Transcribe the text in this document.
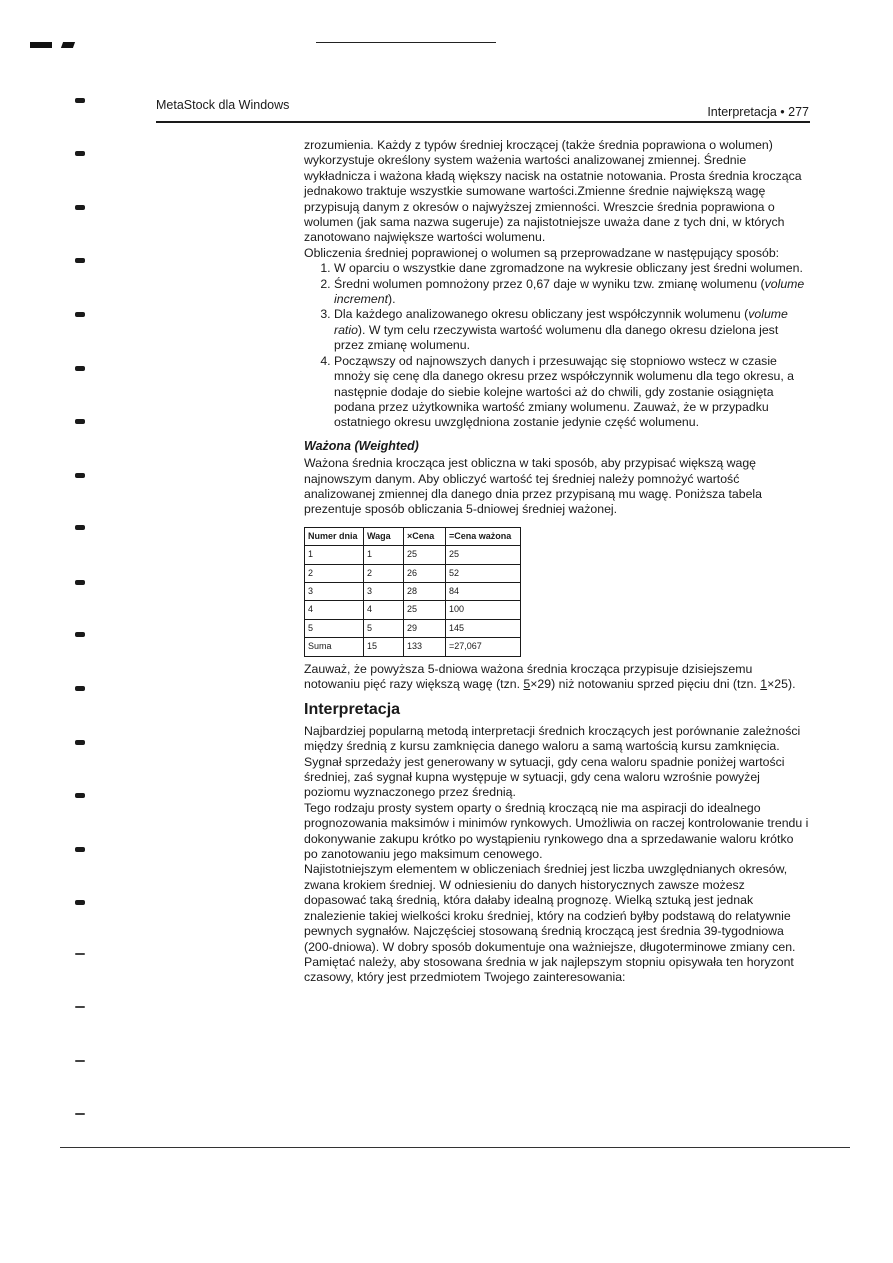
MetaStock dla Windows	Interpretacja • 277

zrozumienia. Każdy z typów średniej kroczącej (także średnia poprawiona o wolumen) wykorzystuje określony system ważenia wartości analizowanej zmiennej. Średnie wykładnicza i ważona kładą większy nacisk na ostatnie notowania. Prosta średnia krocząca jednakowo traktuje wszystkie sumowane wartości.Zmienne średnie największą wagę przypisują danym z okresów o najwyższej zmienności. Wreszcie średnia poprawiona o wolumen (jak sama nazwa sugeruje) za najistotniejsze uważa dane z tych dni, w których zanotowano największe wartości wolumenu.

Obliczenia średniej poprawionej o wolumen są przeprowadzane w następujący sposób:

1. W oparciu o wszystkie dane zgromadzone na wykresie obliczany jest średni wolumen.
2. Średni wolumen pomnożony przez 0,67 daje w wyniku tzw. zmianę wolumenu (volume increment).
3. Dla każdego analizowanego okresu obliczany jest współczynnik wolumenu (volume ratio). W tym celu rzeczywista wartość wolumenu dla danego okresu dzielona jest przez zmianę wolumenu.
4. Począwszy od najnowszych danych i przesuwając się stopniowo wstecz w czasie mnoży się cenę dla danego okresu przez współczynnik wolumenu dla tego okresu, a następnie dodaje do siebie kolejne wartości aż do chwili, gdy zostanie osiągnięta podana przez użytkownika wartość zmiany wolumenu. Zauważ, że w przypadku ostatniego okresu uwzględniona zostanie jedynie część wolumenu.

Ważona (Weighted)

Ważona średnia krocząca jest obliczna w taki sposób, aby przypisać większą wagę najnowszym danym. Aby obliczyć wartość tej średniej należy pomnożyć wartość analizowanej zmiennej dla danego dnia przez przypisaną mu wagę. Poniższa tabela prezentuje sposób obliczania 5-dniowej średniej ważonej.

Numer dnia	Waga	×Cena	=Cena ważona
1	1	25	25
2	2	26	52
3	3	28	84
4	4	25	100
5	5	29	145
Suma	15	133	=27,067

Zauważ, że powyższa 5-dniowa ważona średnia krocząca przypisuje dzisiejszemu notowaniu pięć razy większą wagę (tzn. 5×29) niż notowaniu sprzed pięciu dni (tzn. 1×25).

Interpretacja

Najbardziej popularną metodą interpretacji średnich kroczących jest porównanie zależności między średnią z kursu zamknięcia danego waloru a samą wartością kursu zamknięcia. Sygnał sprzedaży jest generowany w sytuacji, gdy cena waloru spadnie poniżej wartości średniej, zaś sygnał kupna występuje w sytuacji, gdy cena waloru wzrośnie powyżej poziomu wyznaczonego przez średnią.

Tego rodzaju prosty system oparty o średnią kroczącą nie ma aspiracji do idealnego prognozowania maksimów i minimów rynkowych. Umożliwia on raczej kontrolowanie trendu i dokonywanie zakupu krótko po wystąpieniu rynkowego dna a sprzedawanie waloru krótko po zanotowaniu jego maksimum cenowego.

Najistotniejszym elementem w obliczeniach średniej jest liczba uwzględnianych okresów, zwana krokiem średniej. W odniesieniu do danych historycznych zawsze możesz dopasować taką średnią, która dałaby idealną prognozę. Wielką sztuką jest jednak znalezienie takiej wielkości kroku średniej, który na codzień byłby podstawą do relatywnie pewnych sygnałów. Najczęściej stosowaną średnią kroczącą jest średnia 39-tygodniowa (200-dniowa). W dobry sposób dokumentuje ona ważniejsze, długoterminowe zmiany cen. Pamiętać należy, aby stosowana średnia w jak najlepszym stopniu opisywała ten horyzont czasowy, który jest przedmiotem Twojego zainteresowania:
